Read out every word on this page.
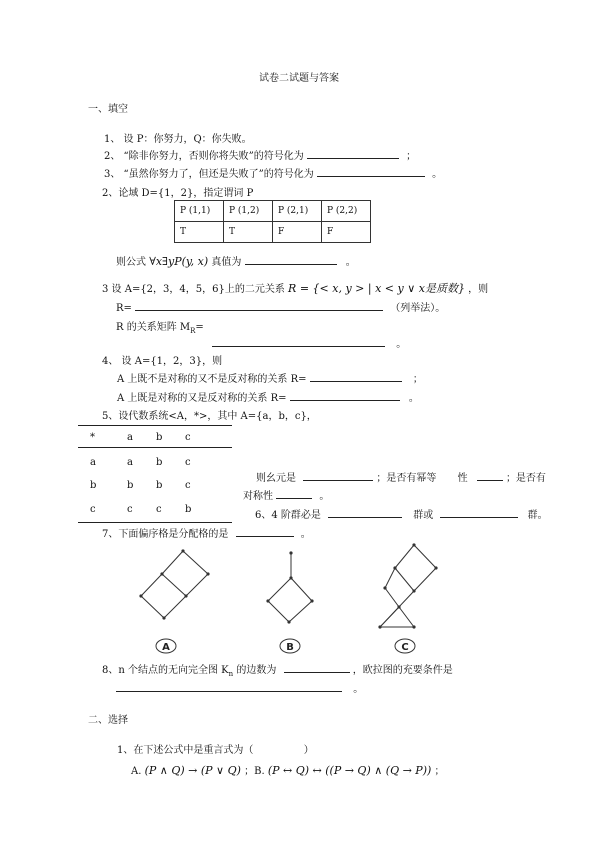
试卷二试题与答案
一、填空
1、 设 P：你努力，Q：你失败。
2、 “除非你努力，否则你将失败”的符号化为	；
3、 “虽然你努力了，但还是失败了”的符号化为	。
2、论域 D={1，2}，指定谓词 P
P (1,1)	P (1,2)	P (2,1)	P (2,2)
T	T	F	F
则公式 ∀x∃yP(y, x) 真值为	。
3 设 A={2，3，4，5，6}上的二元关系 R = {< x, y > | x < y ∨ x是质数} ，则
R=	（列举法）。
R 的关系矩阵 $M_R=$
。
4、 设 A={1，2，3}，则
A 上既不是对称的又不是反对称的关系 R=	；
A 上既是对称的又是反对称的关系 R=	。
5、设代数系统<A，*>，其中 A={a，b，c}，
*	a b c
a	a b c
b	b b c
c	c c b
则幺元是	；是否有幂等 性	；是否有
对称性	。
6、4 阶群必是	群或	群。
7、下面偏序格是分配格的是	。
A	B	C
8、n 个结点的无向完全图 $K_n$ 的边数为	，欧拉图的充要条件是
。
二、选择
1、在下述公式中是重言式为（	）
A. (P ∧ Q) → (P ∨ Q) ；B. (P ↔ Q) ↔ ((P → Q) ∧ (Q → P)) ；
